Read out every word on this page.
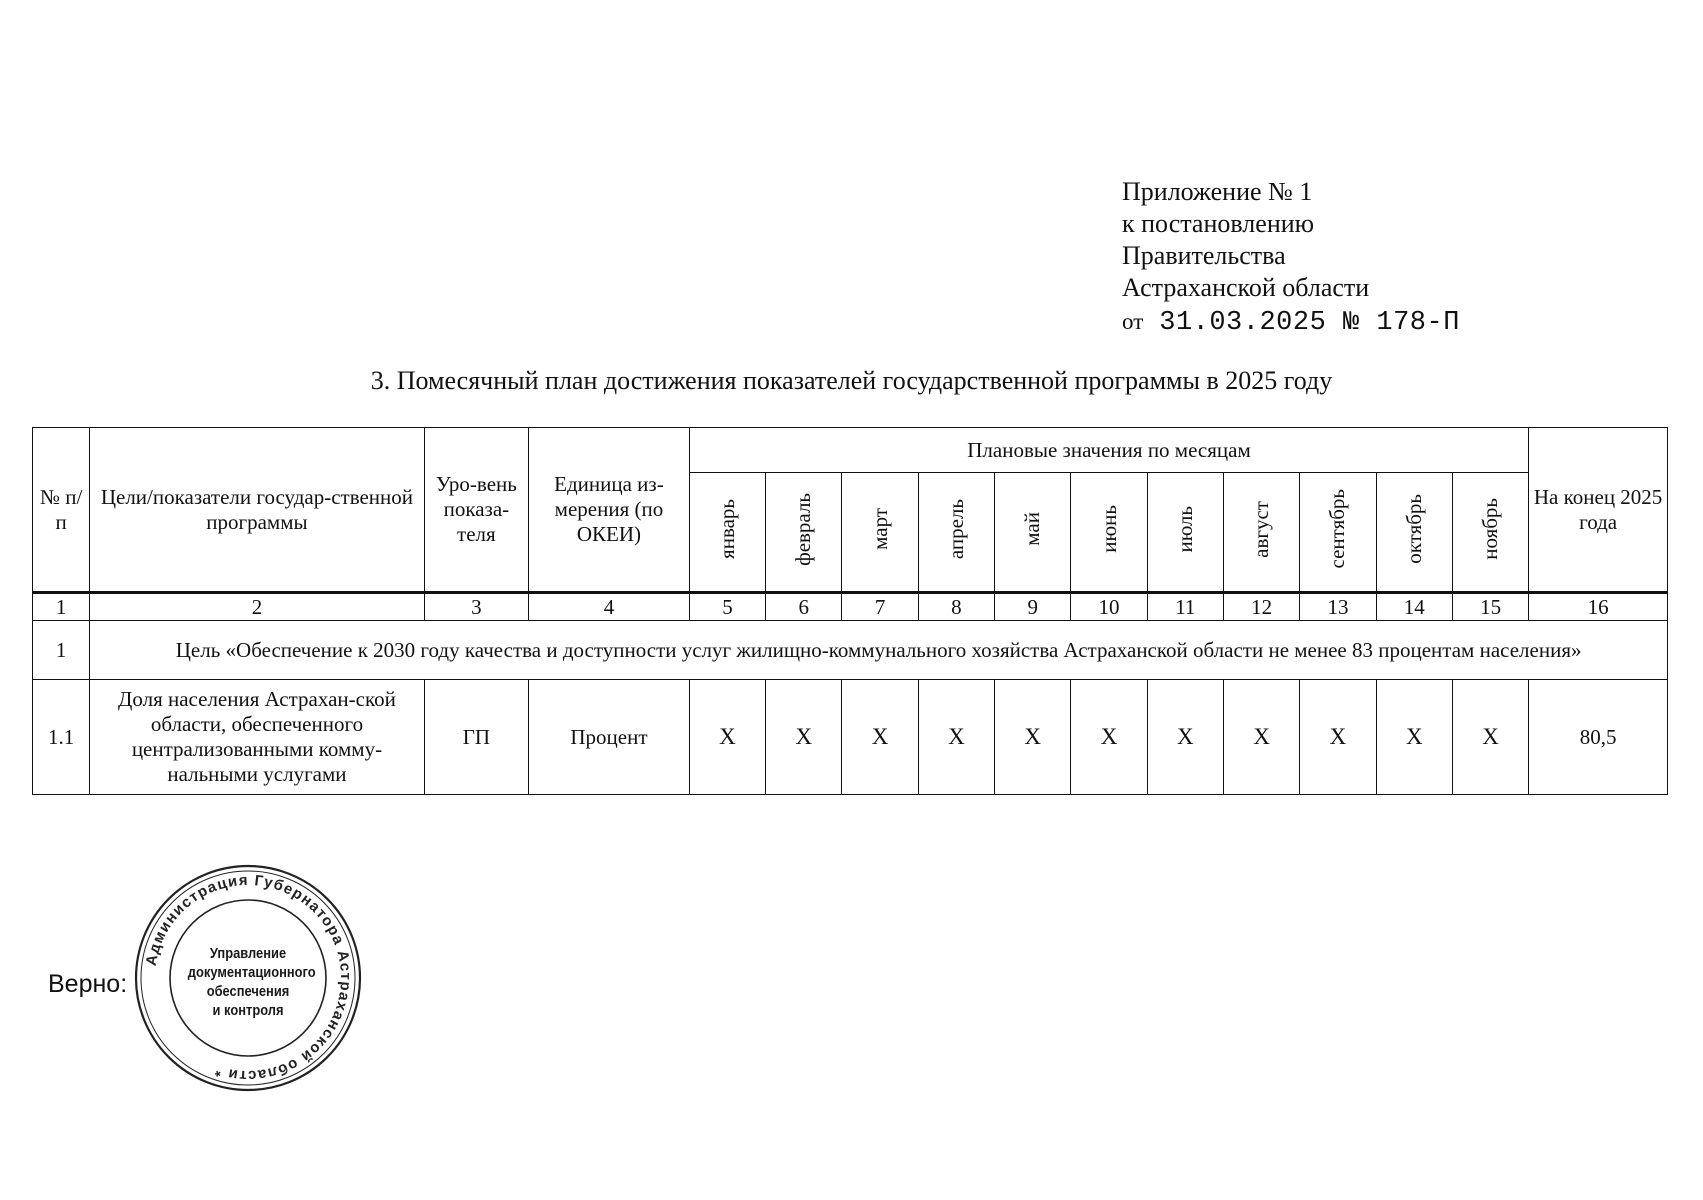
Приложение № 1
к постановлению
Правительства
Астраханской области
от 31.03.2025 № 178-П
3. Помесячный план достижения показателей государственной программы в 2025 году
№ п/п	Цели/показатели государ-ственной программы	Уро-вень показа-теля	Единица из-мерения (по ОКЕИ)	Плановые значения по месяцам											На конец 2025 года
				январь	февраль	март	апрель	май	июнь	июль	август	сентябрь	октябрь	ноябрь	
1	2	3	4	5	6	7	8	9	10	11	12	13	14	15	16
1	Цель «Обеспечение к 2030 году качества и доступности услуг жилищно-коммунального хозяйства Астраханской области не менее 83 процентам населения»														
1.1	Доля населения Астрахан-ской области, обеспеченного централизованными комму-нальными услугами	ГП	Процент	X	X	X	X	X	X	X	X	X	X	X	80,5
Верно:
Администрация Губернатора Астраханской области *
Управление
документационного
обеспечения
и контроля
